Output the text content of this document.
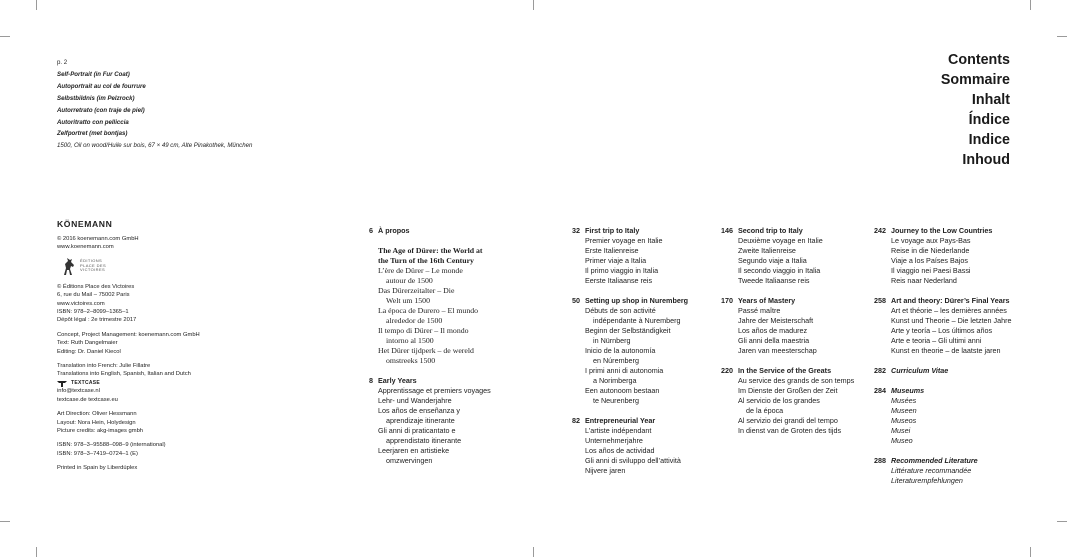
p. 2
Self-Portrait (in Fur Coat)
Autoportrait au col de fourrure
Selbstbildnis (im Pelzrock)
Autorretrato (con traje de piel)
Autoritratto con pelliccia
Zelfportret (met bontjas)
1500, Oil on wood/Huile sur bois, 67 × 49 cm, Alte Pinakothek, München
Contents
Sommaire
Inhalt
Índice
Indice
Inhoud
KÖNEMANN
© 2016 koenemann.com GmbH
www.koenemann.com
ÉDITIONS
PLACE DES
VICTOIRES
© Éditions Place des Victoires
6, rue du Mail – 75002 Paris
www.victoires.com
ISBN: 978–2–8099–1365–1
Dépôt légal : 2e trimestre 2017
Concept, Project Management: koenemann.com GmbH
Text: Ruth Dangelmaier
Editing: Dr. Daniel Kiecol
Translation into French: Julie Fillatre
Translations into English, Spanish, Italian and Dutch
TEXTCASE
info@textcase.nl
textcase.de textcase.eu
Art Direction: Oliver Hessmann
Layout: Nora Hein, Holydesign
Picture credits: akg-images gmbh
ISBN: 978–3–95588–098–9 (international)
ISBN: 978–3–7419–0724–1 (E)
Printed in Spain by Liberdúplex
6 À propos
The Age of Dürer: the World at
the Turn of the 16th Century
L’ère de Dürer – Le monde
autour de 1500
Das Dürerzeitalter – Die
Welt um 1500
La época de Durero – El mundo
alrededor de 1500
Il tempo di Dürer – Il mondo
intorno al 1500
Het Dürer tijdperk – de wereld
omstreeks 1500
8 Early Years
Apprentissage et premiers voyages
Lehr- und Wanderjahre
Los años de enseñanza y
aprendizaje itinerante
Gli anni di praticantato e
apprendistato itinerante
Leerjaren en artistieke
omzwervingen
32 First trip to Italy
Premier voyage en Italie
Erste Italienreise
Primer viaje a Italia
Il primo viaggio in Italia
Eerste Italiaanse reis
50 Setting up shop in Nuremberg
Débuts de son activité
indépendante à Nuremberg
Beginn der Selbständigkeit
in Nürnberg
Inicio de la autonomía
en Núremberg
I primi anni di autonomia
a Norimberga
Een autonoom bestaan
te Neurenberg
82 Entrepreneurial Year
L’artiste indépendant
Unternehmerjahre
Los años de actividad
Gli anni di sviluppo dell’attività
Nijvere jaren
146 Second trip to Italy
Deuxième voyage en Italie
Zweite Italienreise
Segundo viaje a Italia
Il secondo viaggio in Italia
Tweede Italiaanse reis
170 Years of Mastery
Passé maître
Jahre der Meisterschaft
Los años de madurez
Gli anni della maestria
Jaren van meesterschap
220 In the Service of the Greats
Au service des grands de son temps
Im Dienste der Großen der Zeit
Al servicio de los grandes
de la época
Al servizio dei grandi del tempo
In dienst van de Groten des tijds
242 Journey to the Low Countries
Le voyage aux Pays-Bas
Reise in die Niederlande
Viaje a los Países Bajos
Il viaggio nei Paesi Bassi
Reis naar Nederland
258 Art and theory: Dürer’s Final Years
Art et théorie – les dernières années
Kunst und Theorie – Die letzten Jahre
Arte y teoría – Los últimos años
Arte e teoria – Gli ultimi anni
Kunst en theorie – de laatste jaren
282 Curriculum Vitae
284 Museums
Musées
Museen
Museos
Musei
Museo
288 Recommended Literature
Littérature recommandée
Literaturempfehlungen
